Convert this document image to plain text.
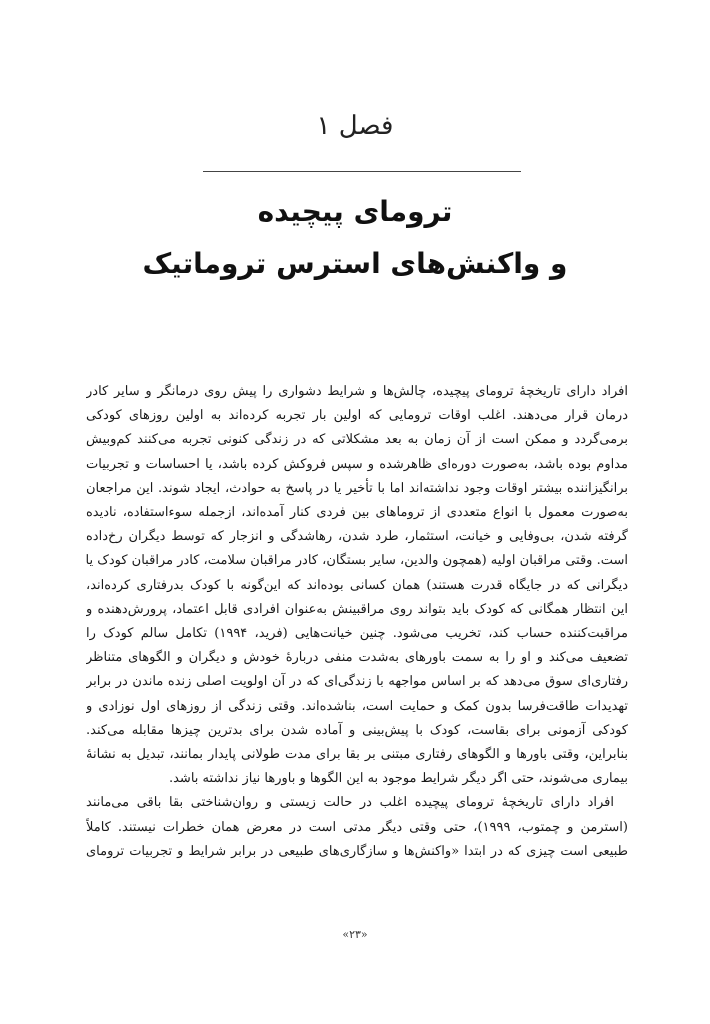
فصل ۱
ترومای پیچیده
و واکنش‌های استرس تروماتیک
افراد دارای تاریخچهٔ ترومای پیچیده، چالش‌ها و شرایط دشواری را پیش روی درمانگر و سایر کادر
درمان قرار می‌دهند. اغلب اوقات ترومایی که اولین بار تجربه کرده‌اند به اولین روزهای کودکی
برمی‌گردد و ممکن است از آن زمان به بعد مشکلاتی که در زندگی کنونی تجربه می‌کنند کم‌وبیش
مداوم بوده باشد، به‌صورت دوره‌ای ظاهرشده و سپس فروکش کرده باشد، یا احساسات و تجربیات
برانگیزاننده بیشتر اوقات وجود نداشته‌اند اما با تأخیر یا در پاسخ به حوادث، ایجاد شوند. این مراجعان
به‌صورت معمول با انواع متعددی از تروماهای بین فردی کنار آمده‌اند، ازجمله سوءاستفاده، نادیده
گرفته شدن، بی‌وفایی و خیانت، استثمار، طرد شدن، رهاشدگی و انزجار که توسط دیگران رخ‌داده
است. وقتی مراقبان اولیه (همچون والدین، سایر بستگان، کادر مراقبان سلامت، کادر مراقبان کودک یا
دیگرانی که در جایگاه قدرت هستند) همان کسانی بوده‌اند که این‌گونه با کودک بدرفتاری کرده‌اند،
این انتظار همگانی که کودک باید بتواند روی مراقبینش به‌عنوان افرادی قابل اعتماد، پرورش‌دهنده و
مراقبت‌کننده حساب کند، تخریب می‌شود. چنین خیانت‌هایی (فرید، ۱۹۹۴) تکامل سالم کودک را
تضعیف می‌کند و او را به سمت باورهای به‌شدت منفی دربارهٔ خودش و دیگران و الگوهای متناظر
رفتاری‌ای سوق می‌دهد که بر اساس مواجهه با زندگی‌ای که در آن اولویت اصلی زنده ماندن در برابر
تهدیدات طاقت‌فرسا بدون کمک و حمایت است، بناشده‌اند. وقتی زندگی از روزهای اول نوزادی و
کودکی آزمونی برای بقاست، کودک با پیش‌بینی و آماده شدن برای بدترین چیزها مقابله می‌کند.
بنابراین، وقتی باورها و الگوهای رفتاری مبتنی بر بقا برای مدت طولانی پایدار بمانند، تبدیل به نشانهٔ
بیماری می‌شوند، حتی اگر دیگر شرایط موجود به این الگوها و باورها نیاز نداشته باشد.
افراد دارای تاریخچهٔ ترومای پیچیده اغلب در حالت زیستی و روان‌شناختی بقا باقی می‌مانند
(استرمن و چمتوب، ۱۹۹۹)، حتی وقتی دیگر مدتی است در معرض همان خطرات نیستند. کاملاً
طبیعی است چیزی که در ابتدا «واکنش‌ها و سازگاری‌های طبیعی در برابر شرایط و تجربیات ترومای
«۲۳»
